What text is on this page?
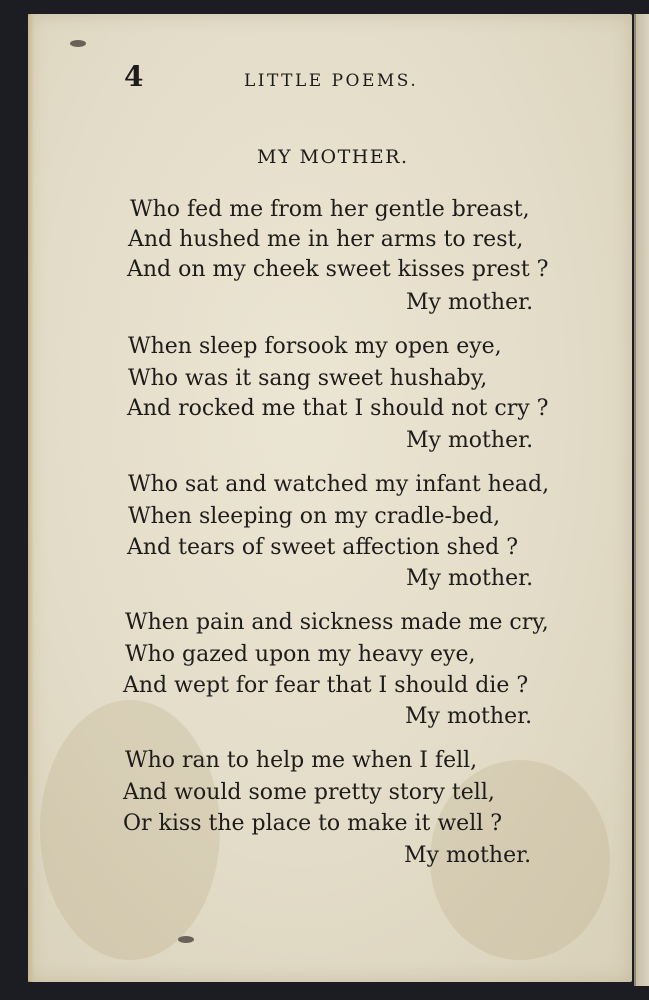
4	LITTLE POEMS.
MY MOTHER.
Who fed me from her gentle breast,
And hushed me in her arms to rest,
And on my cheek sweet kisses prest ?
My mother.
When sleep forsook my open eye,
Who was it sang sweet hushaby,
And rocked me that I should not cry ?
My mother.
Who sat and watched my infant head,
When sleeping on my cradle-bed,
And tears of sweet affection shed ?
My mother.
When pain and sickness made me cry,
Who gazed upon my heavy eye,
And wept for fear that I should die ?
My mother.
Who ran to help me when I fell,
And would some pretty story tell,
Or kiss the place to make it well ?
My mother.
